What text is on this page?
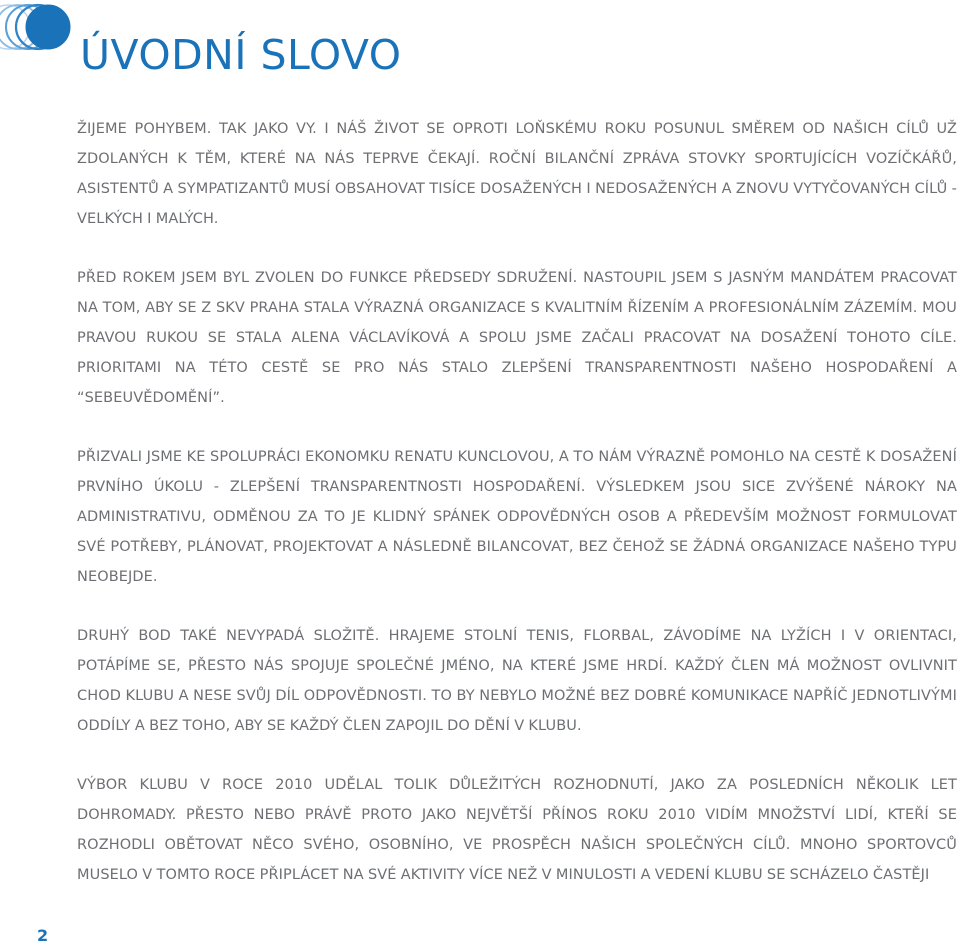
ÚVODNÍ SLOVO

ŽIJEME POHYBEM. TAK JAKO VY. I NÁŠ ŽIVOT SE OPROTI LOŇSKÉMU ROKU POSUNUL SMĚREM OD NAŠICH CÍLŮ UŽ ZDOLANÝCH K TĚM, KTERÉ NA NÁS TEPRVE ČEKAJÍ. ROČNÍ BILANČNÍ ZPRÁVA STOVKY SPORTUJÍCÍCH VOZÍČKÁŘŮ, ASISTENTŮ A SYMPATIZANTŮ MUSÍ OBSAHOVAT TISÍCE DOSAŽENÝCH I NEDOSAŽENÝCH A ZNOVU VYTYČOVANÝCH CÍLŮ - VELKÝCH I MALÝCH.

PŘED ROKEM JSEM BYL ZVOLEN DO FUNKCE PŘEDSEDY SDRUŽENÍ. NASTOUPIL JSEM S JASNÝM MANDÁTEM PRACOVAT NA TOM, ABY SE Z SKV PRAHA STALA VÝRAZNÁ ORGANIZACE S KVALITNÍM ŘÍZENÍM A PROFESIONÁLNÍM ZÁZEMÍM. MOU PRAVOU RUKOU SE STALA ALENA VÁCLAVÍKOVÁ A SPOLU JSME ZAČALI PRACOVAT NA DOSAŽENÍ TOHOTO CÍLE. PRIORITAMI NA TÉTO CESTĚ SE PRO NÁS STALO ZLEPŠENÍ TRANSPARENTNOSTI NAŠEHO HOSPODAŘENÍ A “SEBEUVĚDOMĚNÍ”.

PŘIZVALI JSME KE SPOLUPRÁCI EKONOMKU RENATU KUNCLOVOU, A TO NÁM VÝRAZNĚ POMOHLO NA CESTĚ K DOSAŽENÍ PRVNÍHO ÚKOLU - ZLEPŠENÍ TRANSPARENTNOSTI HOSPODAŘENÍ. VÝSLEDKEM JSOU SICE ZVÝŠENÉ NÁROKY NA ADMINISTRATIVU, ODMĚNOU ZA TO JE KLIDNÝ SPÁNEK ODPOVĚDNÝCH OSOB A PŘEDEVŠÍM MOŽNOST FORMULOVAT SVÉ POTŘEBY, PLÁNOVAT, PROJEKTOVAT A NÁSLEDNĚ BILANCOVAT, BEZ ČEHOŽ SE ŽÁDNÁ ORGANIZACE NAŠEHO TYPU NEOBEJDE.

DRUHÝ BOD TAKÉ NEVYPADÁ SLOŽITĚ. HRAJEME STOLNÍ TENIS, FLORBAL, ZÁVODÍME NA LYŽÍCH I V ORIENTACI, POTÁPÍME SE, PŘESTO NÁS SPOJUJE SPOLEČNÉ JMÉNO, NA KTERÉ JSME HRDÍ. KAŽDÝ ČLEN MÁ MOŽNOST OVLIVNIT CHOD KLUBU A NESE SVŮJ DÍL ODPOVĚDNOSTI. TO BY NEBYLO MOŽNÉ BEZ DOBRÉ KOMUNIKACE NAPŘÍČ JEDNOTLIVÝMI ODDÍLY A BEZ TOHO, ABY SE KAŽDÝ ČLEN ZAPOJIL DO DĚNÍ V KLUBU.

VÝBOR KLUBU V ROCE 2010 UDĚLAL TOLIK DŮLEŽITÝCH ROZHODNUTÍ, JAKO ZA POSLEDNÍCH NĚKOLIK LET DOHROMADY. PŘESTO NEBO PRÁVĚ PROTO JAKO NEJVĚTŠÍ PŘÍNOS ROKU 2010 VIDÍM MNOŽSTVÍ LIDÍ, KTEŘÍ SE ROZHODLI OBĚTOVAT NĚCO SVÉHO, OSOBNÍHO, VE PROSPĚCH NAŠICH SPOLEČNÝCH CÍLŮ. MNOHO SPORTOVCŮ MUSELO V TOMTO ROCE PŘIPLÁCET NA SVÉ AKTIVITY VÍCE NEŽ V MINULOSTI A VEDENÍ KLUBU SE SCHÁZELO ČASTĚJI

2
